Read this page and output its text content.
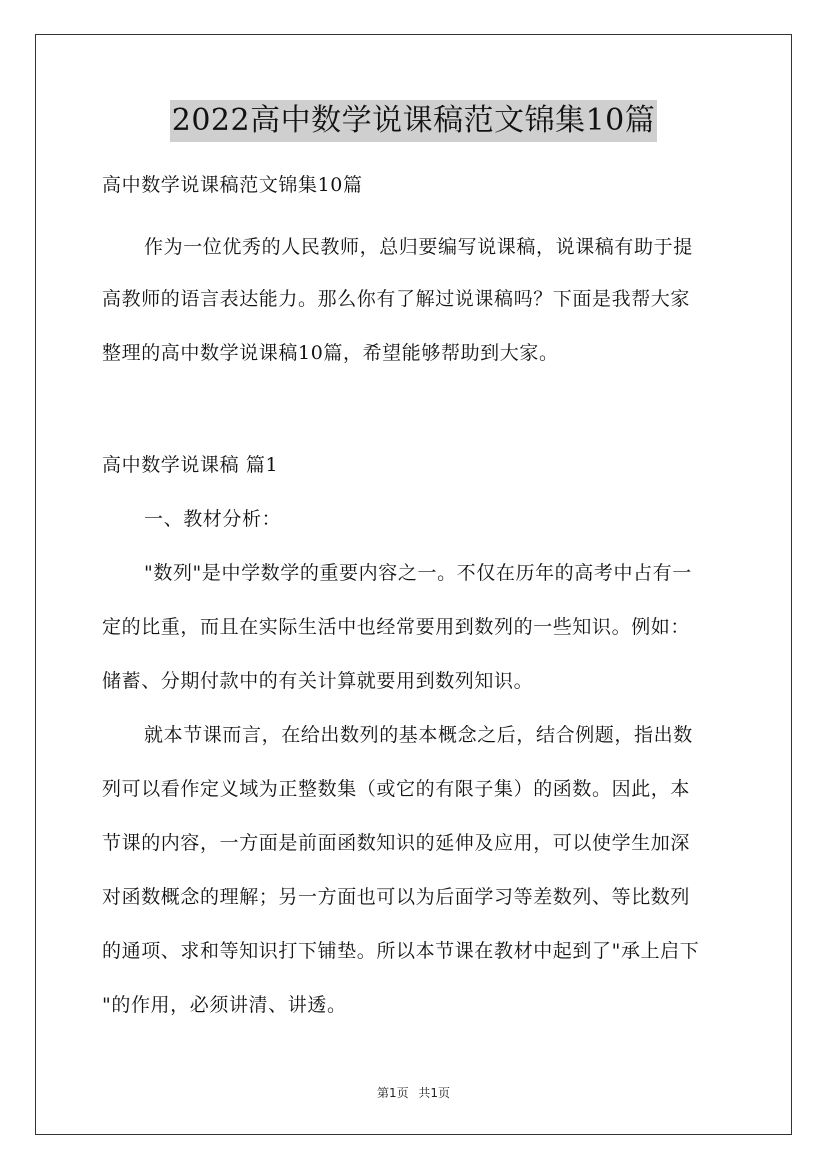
2022高中数学说课稿范文锦集10篇
高中数学说课稿范文锦集10篇
作为一位优秀的人民教师，总归要编写说课稿，说课稿有助于提
高教师的语言表达能力。那么你有了解过说课稿吗？下面是我帮大家
整理的高中数学说课稿10篇，希望能够帮助到大家。
高中数学说课稿 篇1
一、教材分析：
"数列"是中学数学的重要内容之一。不仅在历年的高考中占有一
定的比重，而且在实际生活中也经常要用到数列的一些知识。例如：
储蓄、分期付款中的有关计算就要用到数列知识。
就本节课而言，在给出数列的基本概念之后，结合例题，指出数
列可以看作定义域为正整数集（或它的有限子集）的函数。因此，本
节课的内容，一方面是前面函数知识的延伸及应用，可以使学生加深
对函数概念的理解；另一方面也可以为后面学习等差数列、等比数列
的通项、求和等知识打下铺垫。所以本节课在教材中起到了"承上启下
"的作用，必须讲清、讲透。
第1页 共1页
